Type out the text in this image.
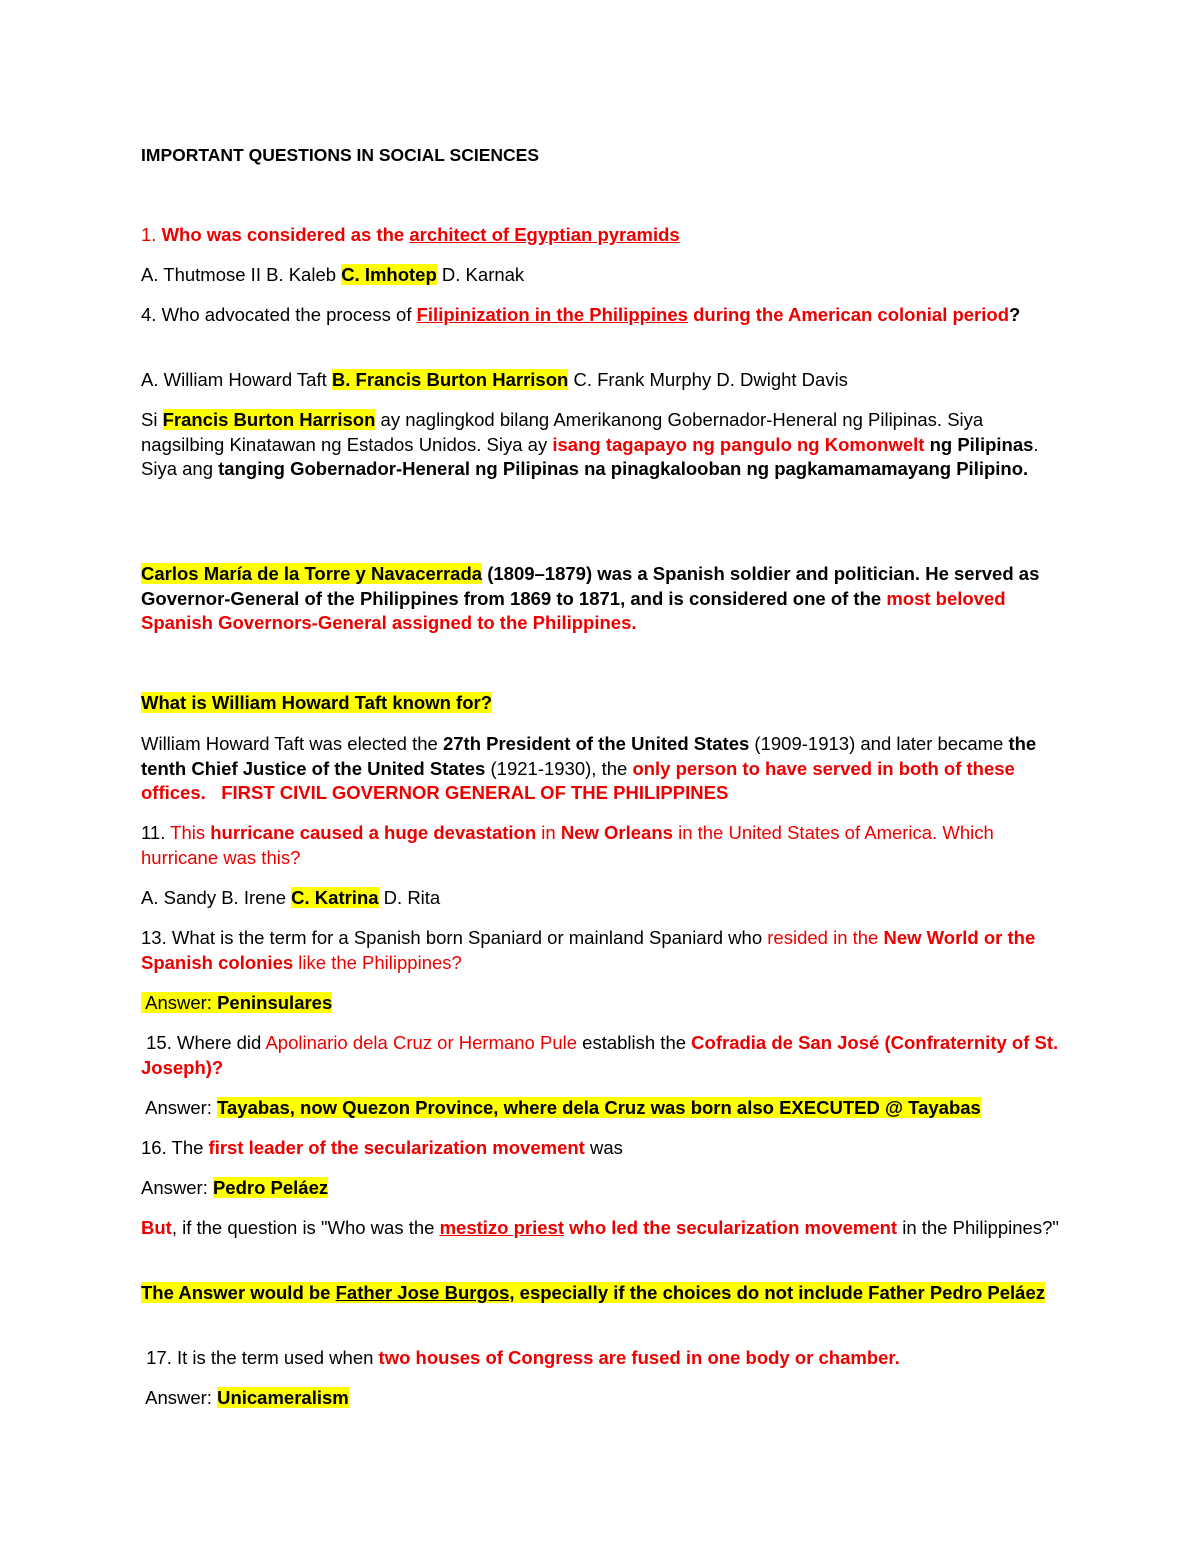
IMPORTANT QUESTIONS IN SOCIAL SCIENCES

1. Who was considered as the architect of Egyptian pyramids

A. Thutmose II B. Kaleb C. Imhotep D. Karnak

4. Who advocated the process of Filipinization in the Philippines during the American colonial period?

A. William Howard Taft B. Francis Burton Harrison C. Frank Murphy D. Dwight Davis

Si Francis Burton Harrison ay naglingkod bilang Amerikanong Gobernador-Heneral ng Pilipinas. Siya nagsilbing Kinatawan ng Estados Unidos. Siya ay isang tagapayo ng pangulo ng Komonwelt ng Pilipinas. Siya ang tanging Gobernador-Heneral ng Pilipinas na pinagkalooban ng pagkamamamayang Pilipino.

Carlos María de la Torre y Navacerrada (1809–1879) was a Spanish soldier and politician. He served as Governor-General of the Philippines from 1869 to 1871, and is considered one of the most beloved Spanish Governors-General assigned to the Philippines.

What is William Howard Taft known for?

William Howard Taft was elected the 27th President of the United States (1909-1913) and later became the tenth Chief Justice of the United States (1921-1930), the only person to have served in both of these offices.   FIRST CIVIL GOVERNOR GENERAL OF THE PHILIPPINES

11. This hurricane caused a huge devastation in New Orleans in the United States of America. Which hurricane was this?

A. Sandy B. Irene C. Katrina D. Rita

13. What is the term for a Spanish born Spaniard or mainland Spaniard who resided in the New World or the Spanish colonies like the Philippines?

Answer: Peninsulares

15. Where did Apolinario dela Cruz or Hermano Pule establish the Cofradia de San José (Confraternity of St. Joseph)?

Answer: Tayabas, now Quezon Province, where dela Cruz was born also EXECUTED @ Tayabas

16. The first leader of the secularization movement was

Answer: Pedro Peláez

But, if the question is "Who was the mestizo priest who led the secularization movement in the Philippines?"

The Answer would be Father Jose Burgos, especially if the choices do not include Father Pedro Peláez

17. It is the term used when two houses of Congress are fused in one body or chamber.

Answer: Unicameralism
